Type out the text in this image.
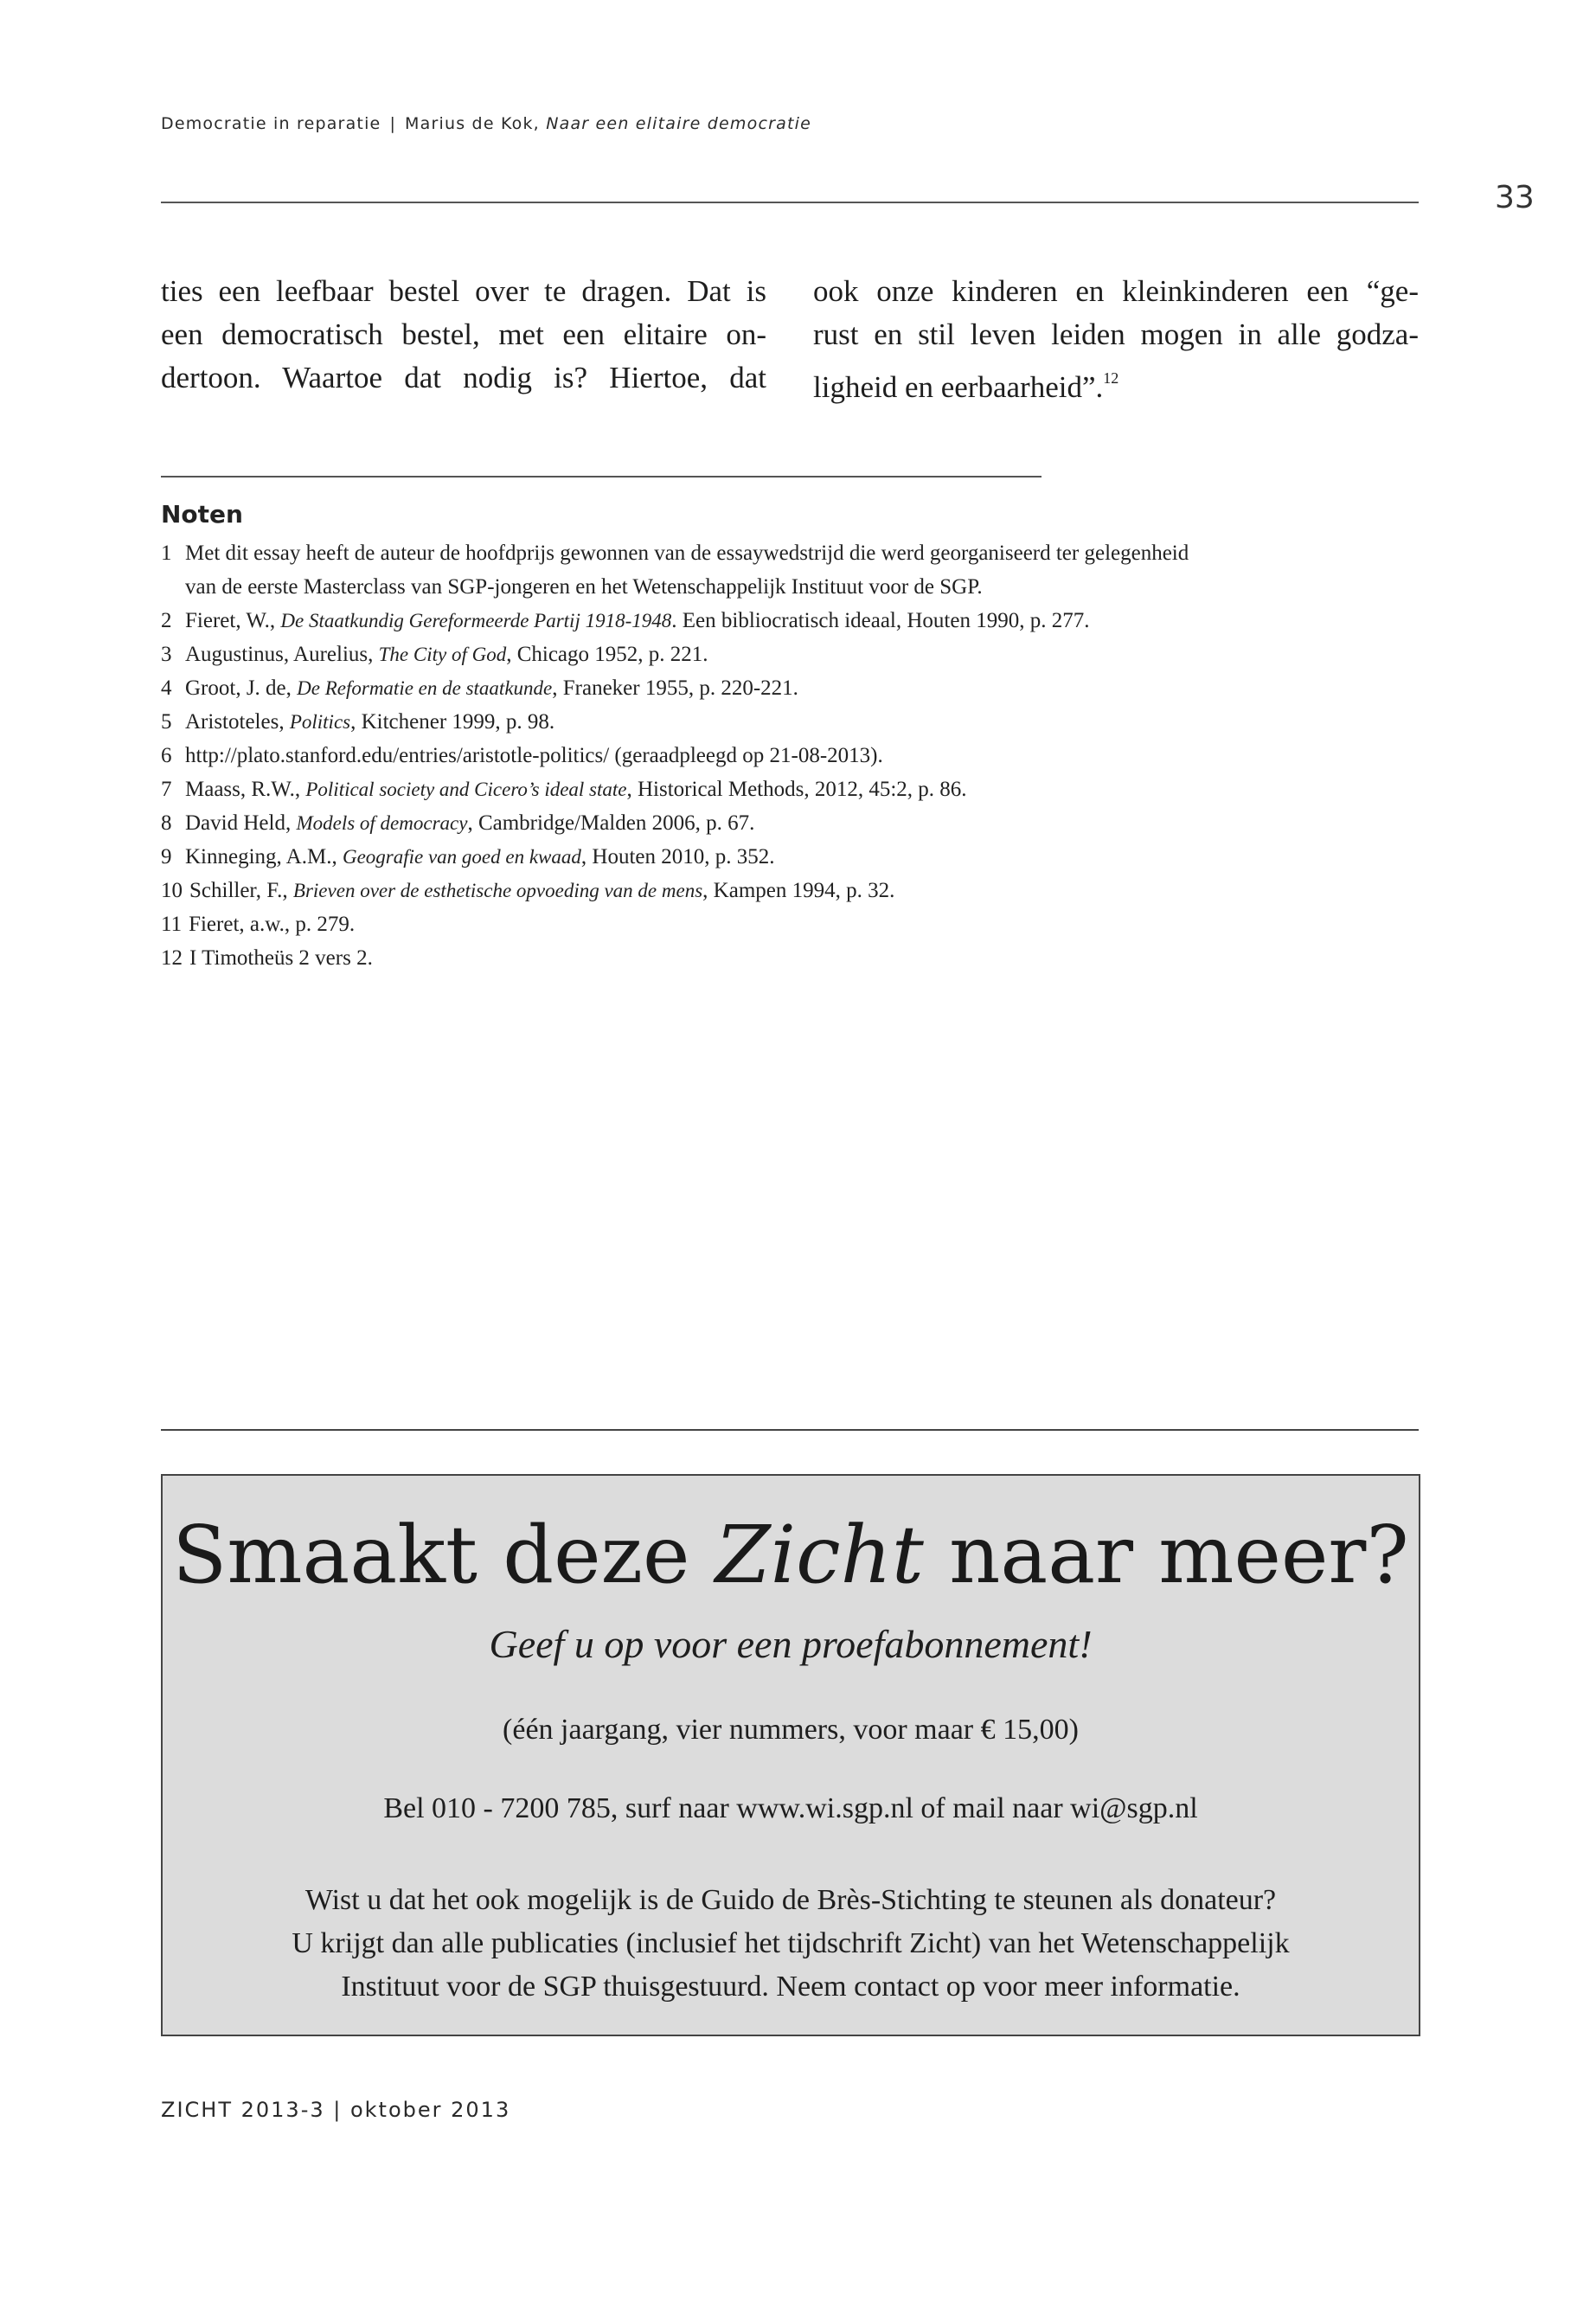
Democratie in reparatie | Marius de Kok, Naar een elitaire democratie
33
ties een leefbaar bestel over te dragen. Dat is
een democratisch bestel, met een elitaire on-
dertoon. Waartoe dat nodig is? Hiertoe, dat
ook onze kinderen en kleinkinderen een “ge-
rust en stil leven leiden mogen in alle godza-
ligheid en eerbaarheid”.$^{12}$
Noten
1 Met dit essay heeft de auteur de hoofdprijs gewonnen van de essaywedstrijd die werd georganiseerd ter gelegenheid
van de eerste Masterclass van SGP-jongeren en het Wetenschappelijk Instituut voor de SGP.
2 Fieret, W., De Staatkundig Gereformeerde Partij 1918-1948. Een bibliocratisch ideaal, Houten 1990, p. 277.
3 Augustinus, Aurelius, The City of God, Chicago 1952, p. 221.
4 Groot, J. de, De Reformatie en de staatkunde, Franeker 1955, p. 220-221.
5 Aristoteles, Politics, Kitchener 1999, p. 98.
6 http://plato.stanford.edu/entries/aristotle-politics/ (geraadpleegd op 21-08-2013).
7 Maass, R.W., Political society and Cicero’s ideal state, Historical Methods, 2012, 45:2, p. 86.
8 David Held, Models of democracy, Cambridge/Malden 2006, p. 67.
9 Kinneging, A.M., Geografie van goed en kwaad, Houten 2010, p. 352.
10 Schiller, F., Brieven over de esthetische opvoeding van de mens, Kampen 1994, p. 32.
11 Fieret, a.w., p. 279.
12 I Timotheüs 2 vers 2.
Smaakt deze Zicht naar meer?
Geef u op voor een proefabonnement!
(één jaargang, vier nummers, voor maar € 15,00)
Bel 010 - 7200 785, surf naar www.wi.sgp.nl of mail naar wi@sgp.nl
Wist u dat het ook mogelijk is de Guido de Brès-Stichting te steunen als donateur?
U krijgt dan alle publicaties (inclusief het tijdschrift Zicht) van het Wetenschappelijk
Instituut voor de SGP thuisgestuurd. Neem contact op voor meer informatie.
ZICHT 2013-3 | oktober 2013
